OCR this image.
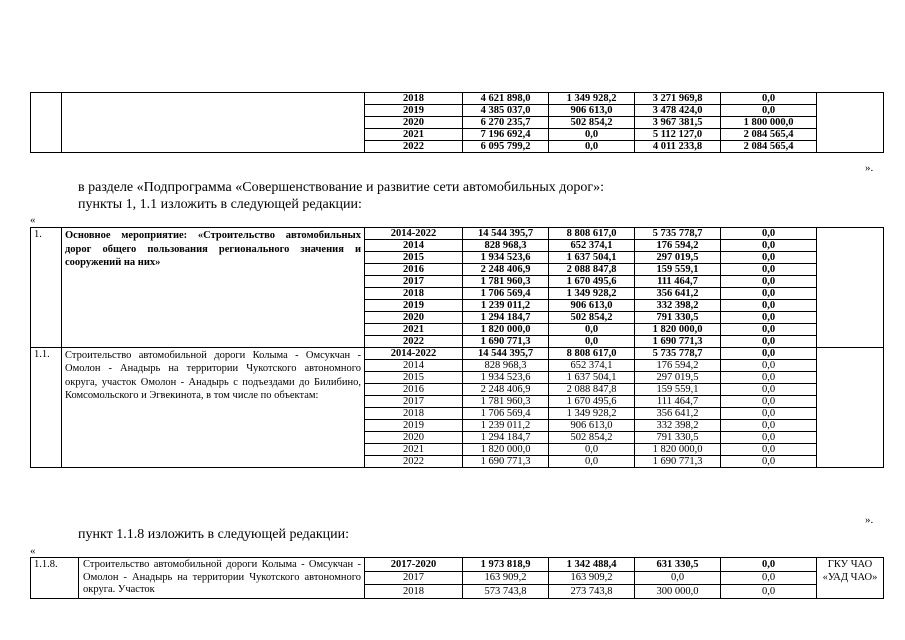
		2018	4 621 898,0	1 349 928,2	3 271 969,8	0,0	
		2019	4 385 037,0	906 613,0	3 478 424,0	0,0	
		2020	6 270 235,7	502 854,2	3 967 381,5	1 800 000,0	
		2021	7 196 692,4	0,0	5 112 127,0	2 084 565,4	
		2022	6 095 799,2	0,0	4 011 233,8	2 084 565,4	
».
в разделе «Подпрограмма «Совершенствование и развитие сети автомобильных дорог»:
пункты 1, 1.1 изложить в следующей редакции:
«
1.	Основное мероприятие: «Строительство автомобильных дорог общего пользования регионального значения и сооружений на них»	2014-2022	14 544 395,7	8 808 617,0	5 735 778,7	0,0	
		2014	828 968,3	652 374,1	176 594,2	0,0	
		2015	1 934 523,6	1 637 504,1	297 019,5	0,0	
		2016	2 248 406,9	2 088 847,8	159 559,1	0,0	
		2017	1 781 960,3	1 670 495,6	111 464,7	0,0	
		2018	1 706 569,4	1 349 928,2	356 641,2	0,0	
		2019	1 239 011,2	906 613,0	332 398,2	0,0	
		2020	1 294 184,7	502 854,2	791 330,5	0,0	
		2021	1 820 000,0	0,0	1 820 000,0	0,0	
		2022	1 690 771,3	0,0	1 690 771,3	0,0	
1.1.	Строительство автомобильной дороги Колыма - Омсукчан - Омолон - Анадырь на территории Чукотского автономного округа, участок Омолон - Анадырь с подъездами до Билибино, Комсомольского и Эгвекинота, в том числе по объектам:	2014-2022	14 544 395,7	8 808 617,0	5 735 778,7	0,0	
		2014	828 968,3	652 374,1	176 594,2	0,0	
		2015	1 934 523,6	1 637 504,1	297 019,5	0,0	
		2016	2 248 406,9	2 088 847,8	159 559,1	0,0	
		2017	1 781 960,3	1 670 495,6	111 464,7	0,0	
		2018	1 706 569,4	1 349 928,2	356 641,2	0,0	
		2019	1 239 011,2	906 613,0	332 398,2	0,0	
		2020	1 294 184,7	502 854,2	791 330,5	0,0	
		2021	1 820 000,0	0,0	1 820 000,0	0,0	
		2022	1 690 771,3	0,0	1 690 771,3	0,0	
».
пункт 1.1.8 изложить в следующей редакции:
«
1.1.8.	Строительство автомобильной дороги Колыма - Омсукчан - Омолон - Анадырь на территории Чукотского автономного округа. Участок	2017-2020	1 973 818,9	1 342 488,4	631 330,5	0,0	ГКУ ЧАО «УАД ЧАО»
		2017	163 909,2	163 909,2	0,0	0,0	
		2018	573 743,8	273 743,8	300 000,0	0,0	
